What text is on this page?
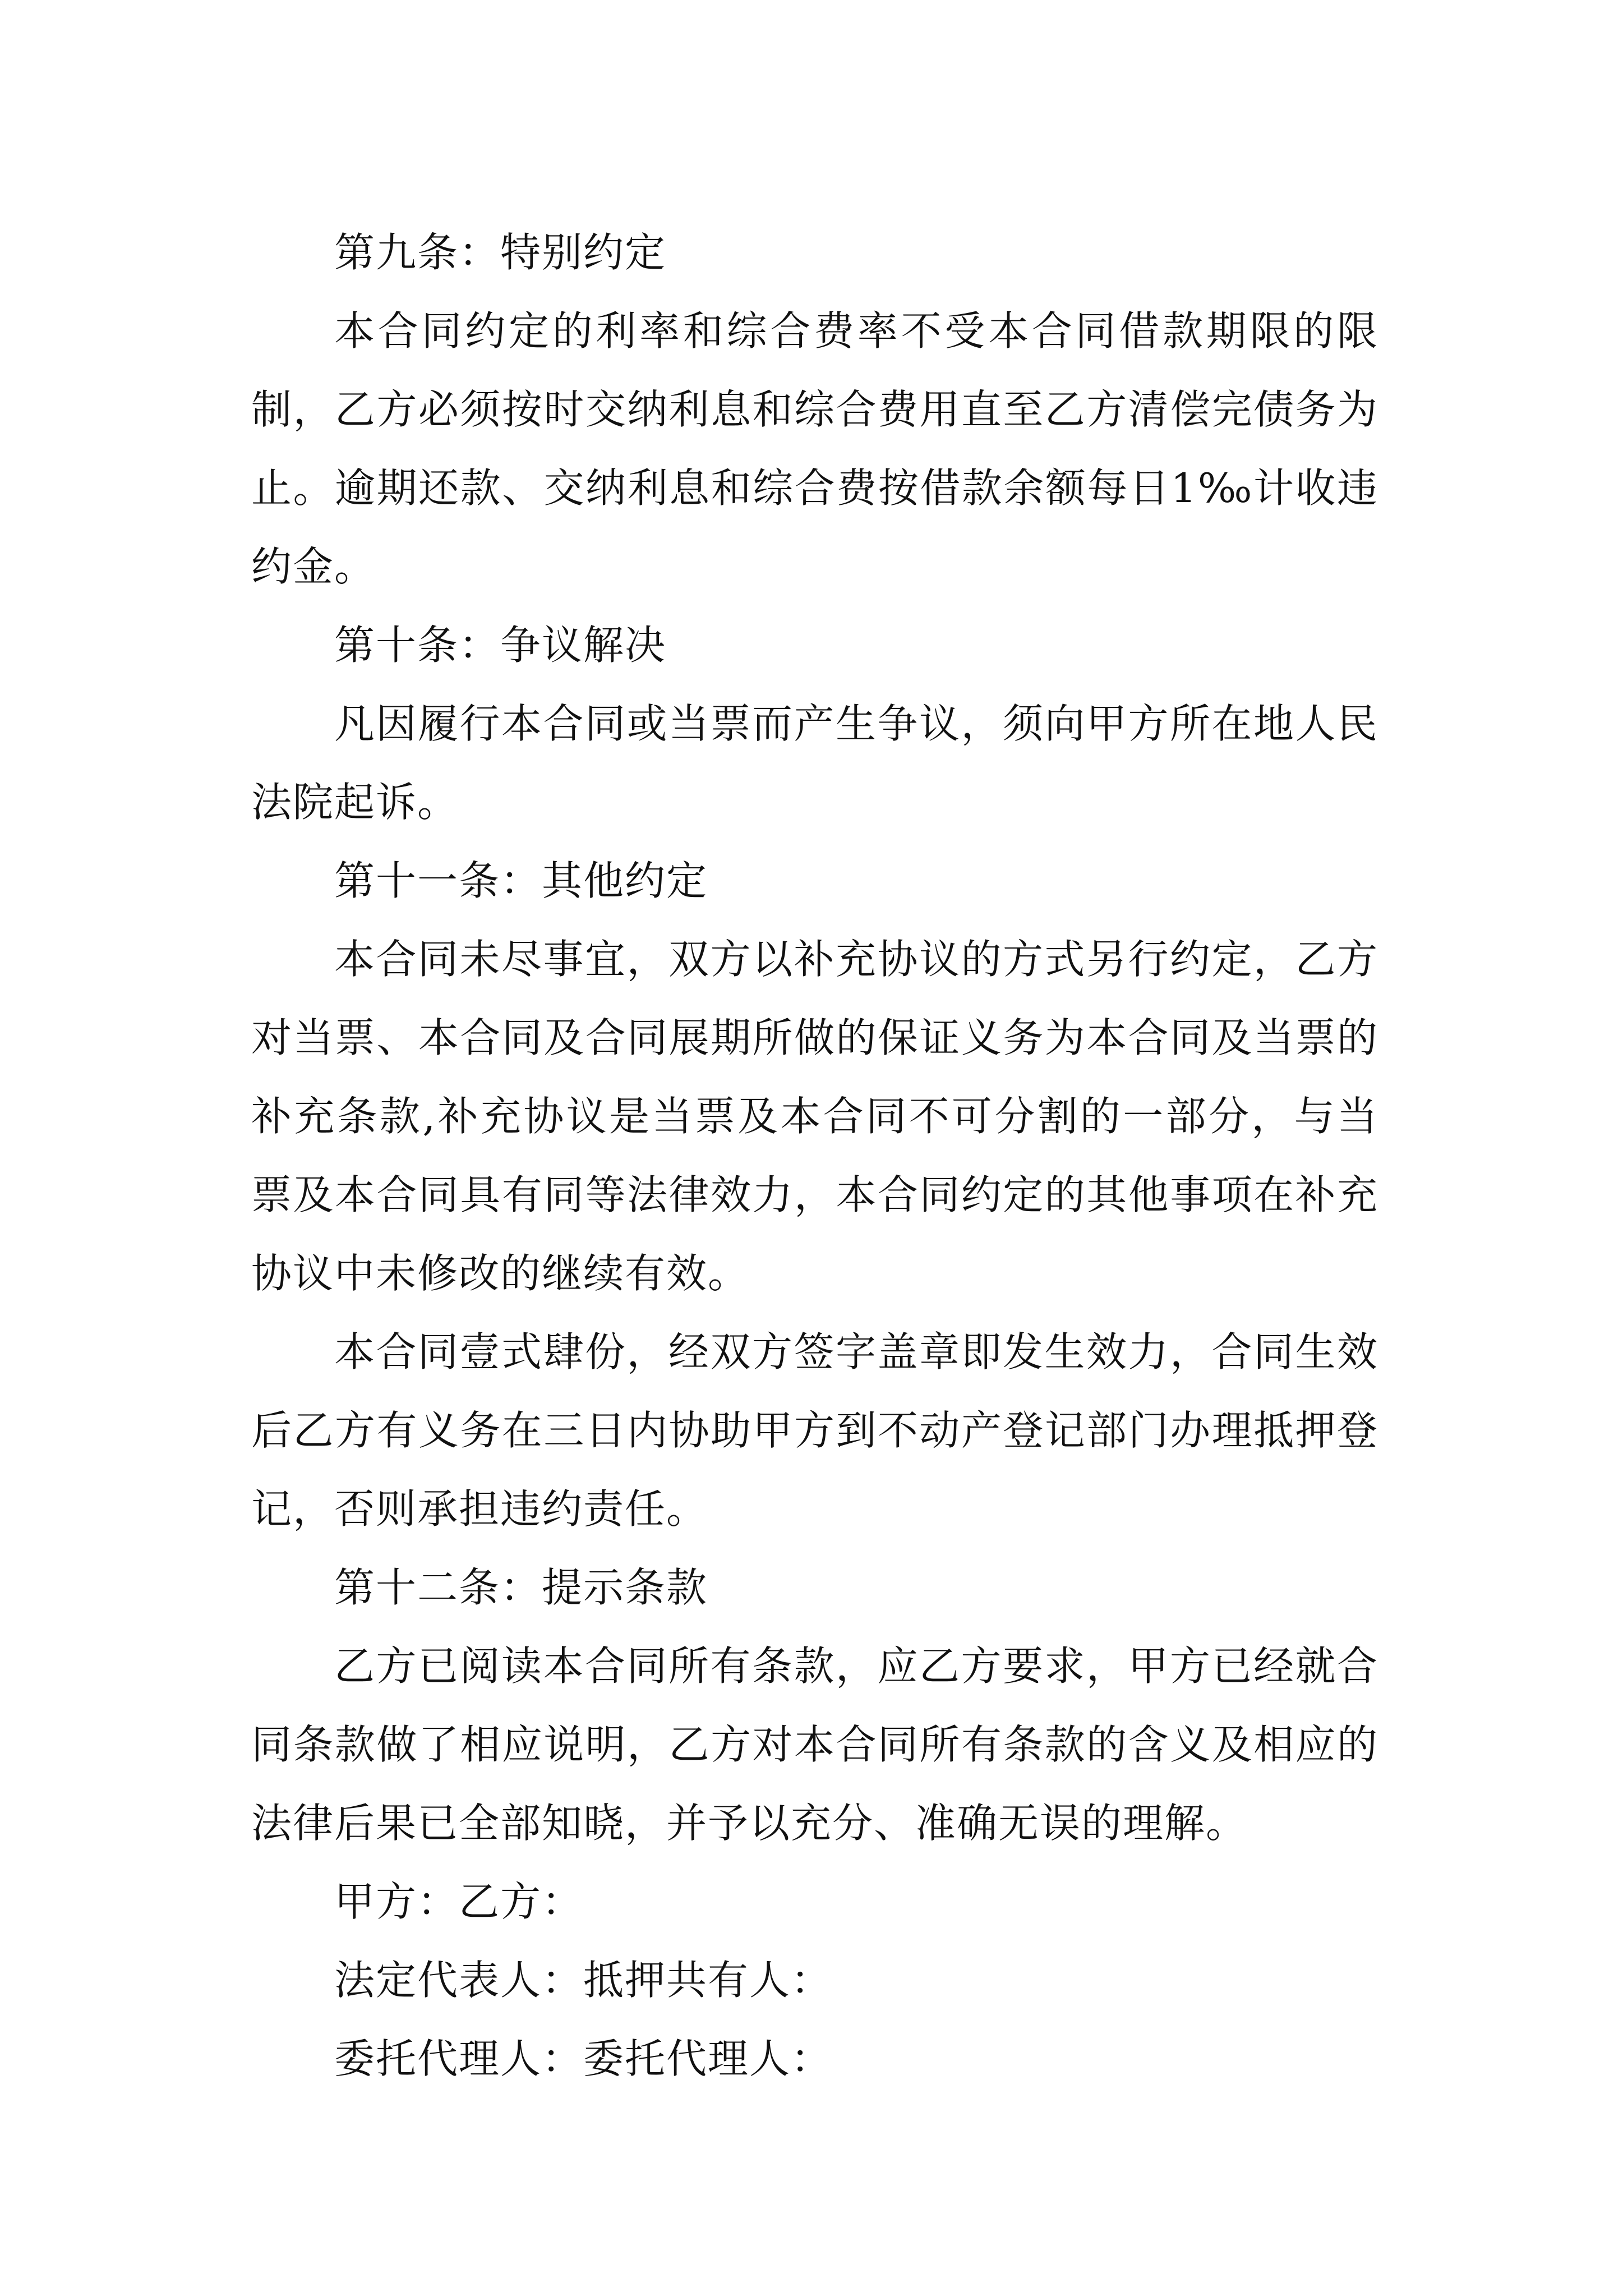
第九条：特别约定

本合同约定的利率和综合费率不受本合同借款期限的限制，乙方必须按时交纳利息和综合费用直至乙方清偿完债务为止。逾期还款、交纳利息和综合费按借款余额每日1‰计收违约金。

第十条：争议解决

凡因履行本合同或当票而产生争议，须向甲方所在地人民法院起诉。

第十一条：其他约定

本合同未尽事宜，双方以补充协议的方式另行约定，乙方对当票、本合同及合同展期所做的保证义务为本合同及当票的补充条款,补充协议是当票及本合同不可分割的一部分，与当票及本合同具有同等法律效力，本合同约定的其他事项在补充协议中未修改的继续有效。

本合同壹式肆份，经双方签字盖章即发生效力，合同生效后乙方有义务在三日内协助甲方到不动产登记部门办理抵押登记，否则承担违约责任。

第十二条：提示条款

乙方已阅读本合同所有条款，应乙方要求，甲方已经就合同条款做了相应说明，乙方对本合同所有条款的含义及相应的法律后果已全部知晓，并予以充分、准确无误的理解。

甲方：乙方：

法定代表人：抵押共有人：

委托代理人：委托代理人：
